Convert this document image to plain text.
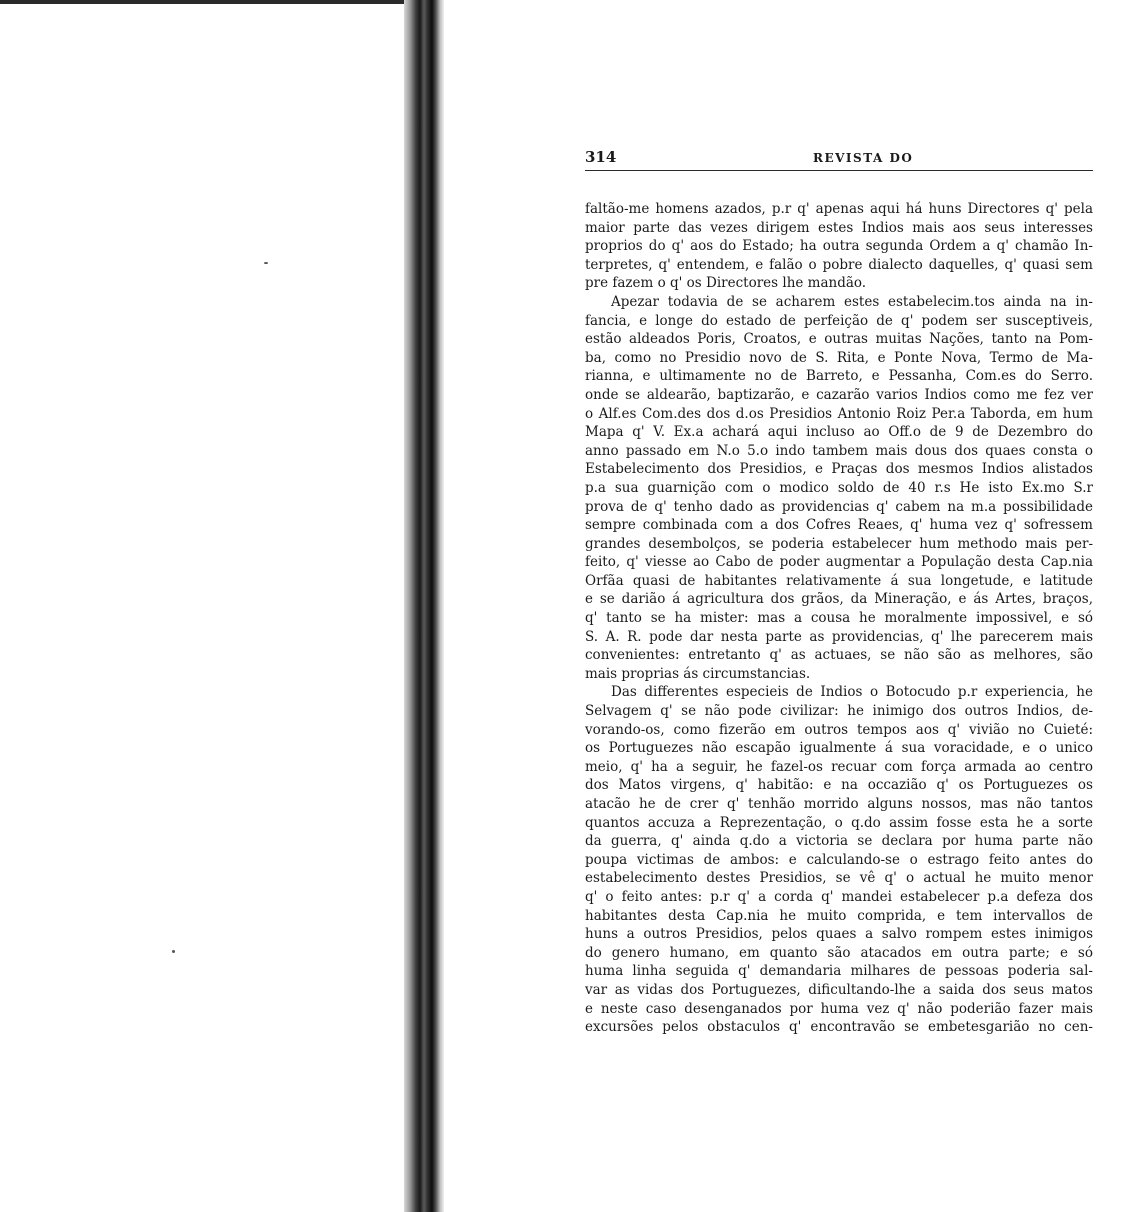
314	REVISTA DO
faltão-me homens azados, p.r q' apenas aqui há huns Directores q' pela
maior parte das vezes dirigem estes Indios mais aos seus interesses
proprios do q' aos do Estado; ha outra segunda Ordem a q' chamão In-
terpretes, q' entendem, e falão o pobre dialecto daquelles, q' quasi sem
pre fazem o q' os Directores lhe mandão.
Apezar todavia de se acharem estes estabelecim.tos ainda na in-
fancia, e longe do estado de perfeição de q' podem ser susceptiveis,
estão aldeados Poris, Croatos, e outras muitas Nações, tanto na Pom-
ba, como no Presidio novo de S. Rita, e Ponte Nova, Termo de Ma-
rianna, e ultimamente no de Barreto, e Pessanha, Com.es do Serro.
onde se aldearão, baptizarão, e cazarão varios Indios como me fez ver
o Alf.es Com.des dos d.os Presidios Antonio Roiz Per.a Taborda, em hum
Mapa q' V. Ex.a achará aqui incluso ao Off.o de 9 de Dezembro do
anno passado em N.o 5.o indo tambem mais dous dos quaes consta o
Estabelecimento dos Presidios, e Praças dos mesmos Indios alistados
p.a sua guarnição com o modico soldo de 40 r.s He isto Ex.mo S.r
prova de q' tenho dado as providencias q' cabem na m.a possibilidade
sempre combinada com a dos Cofres Reaes, q' huma vez q' sofressem
grandes desembolços, se poderia estabelecer hum methodo mais per-
feito, q' viesse ao Cabo de poder augmentar a População desta Cap.nia
Orfãa quasi de habitantes relativamente á sua longetude, e latitude
e se darião á agricultura dos grãos, da Mineração, e ás Artes, braços,
q' tanto se ha mister: mas a cousa he moralmente impossivel, e só
S. A. R. pode dar nesta parte as providencias, q' lhe parecerem mais
convenientes: entretanto q' as actuaes, se não são as melhores, são
mais proprias ás circumstancias.
Das differentes especieis de Indios o Botocudo p.r experiencia, he
Selvagem q' se não pode civilizar: he inimigo dos outros Indios, de-
vorando-os, como fizerão em outros tempos aos q' vivião no Cuieté:
os Portuguezes não escapão igualmente á sua voracidade, e o unico
meio, q' ha a seguir, he fazel-os recuar com força armada ao centro
dos Matos virgens, q' habitão: e na occazião q' os Portuguezes os
atacão he de crer q' tenhão morrido alguns nossos, mas não tantos
quantos accuza a Reprezentação, o q.do assim fosse esta he a sorte
da guerra, q' ainda q.do a victoria se declara por huma parte não
poupa victimas de ambos: e calculando-se o estrago feito antes do
estabelecimento destes Presidios, se vê q' o actual he muito menor
q' o feito antes: p.r q' a corda q' mandei estabelecer p.a defeza dos
habitantes desta Cap.nia he muito comprida, e tem intervallos de
huns a outros Presidios, pelos quaes a salvo rompem estes inimigos
do genero humano, em quanto são atacados em outra parte; e só
huma linha seguida q' demandaria milhares de pessoas poderia sal-
var as vidas dos Portuguezes, dificultando-lhe a saida dos seus matos
e neste caso desenganados por huma vez q' não poderião fazer mais
excursões pelos obstaculos q' encontravão se embetesgarião no cen-
